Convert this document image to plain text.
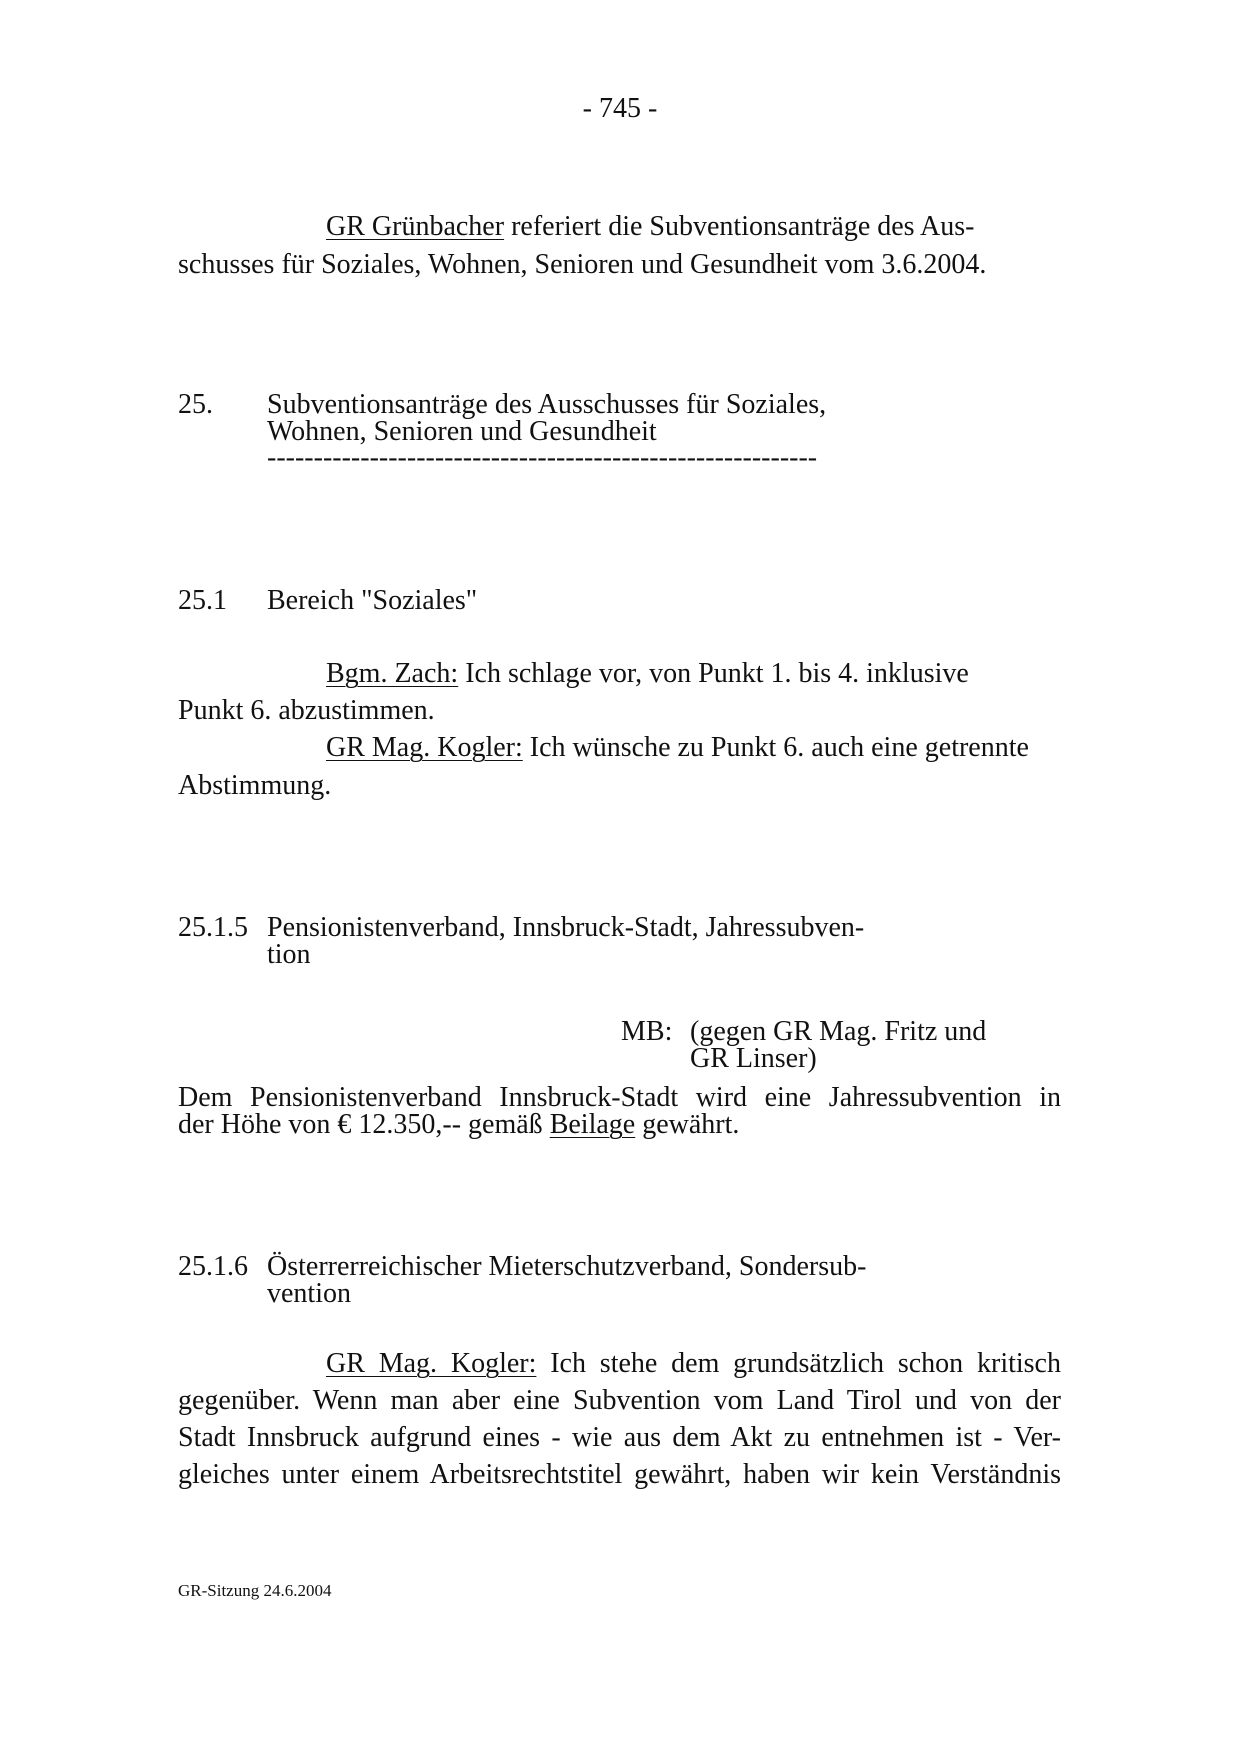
- 745 -

GR Grünbacher referiert die Subventionsanträge des Aus-

schusses für Soziales, Wohnen, Senioren und Gesundheit vom 3.6.2004.

25. Subventionsanträge des Ausschusses für Soziales,

Wohnen, Senioren und Gesundheit

-----------------------------------------------------------

25.1 Bereich "Soziales"

Bgm. Zach: Ich schlage vor, von Punkt 1. bis 4. inklusive

Punkt 6. abzustimmen.

GR Mag. Kogler: Ich wünsche zu Punkt 6. auch eine getrennte

Abstimmung.

25.1.5 Pensionistenverband, Innsbruck-Stadt, Jahressubven-

tion

MB: (gegen GR Mag. Fritz und

GR Linser)

Dem Pensionistenverband Innsbruck-Stadt wird eine Jahressubvention in

der Höhe von € 12.350,-- gemäß Beilage gewährt.

25.1.6 Österrerreichischer Mieterschutzverband, Sondersub-

vention

GR Mag. Kogler: Ich stehe dem grundsätzlich schon kritisch

gegenüber. Wenn man aber eine Subvention vom Land Tirol und von der

Stadt Innsbruck aufgrund eines - wie aus dem Akt zu entnehmen ist - Ver-

gleiches unter einem Arbeitsrechtstitel gewährt, haben wir kein Verständnis

GR-Sitzung 24.6.2004
